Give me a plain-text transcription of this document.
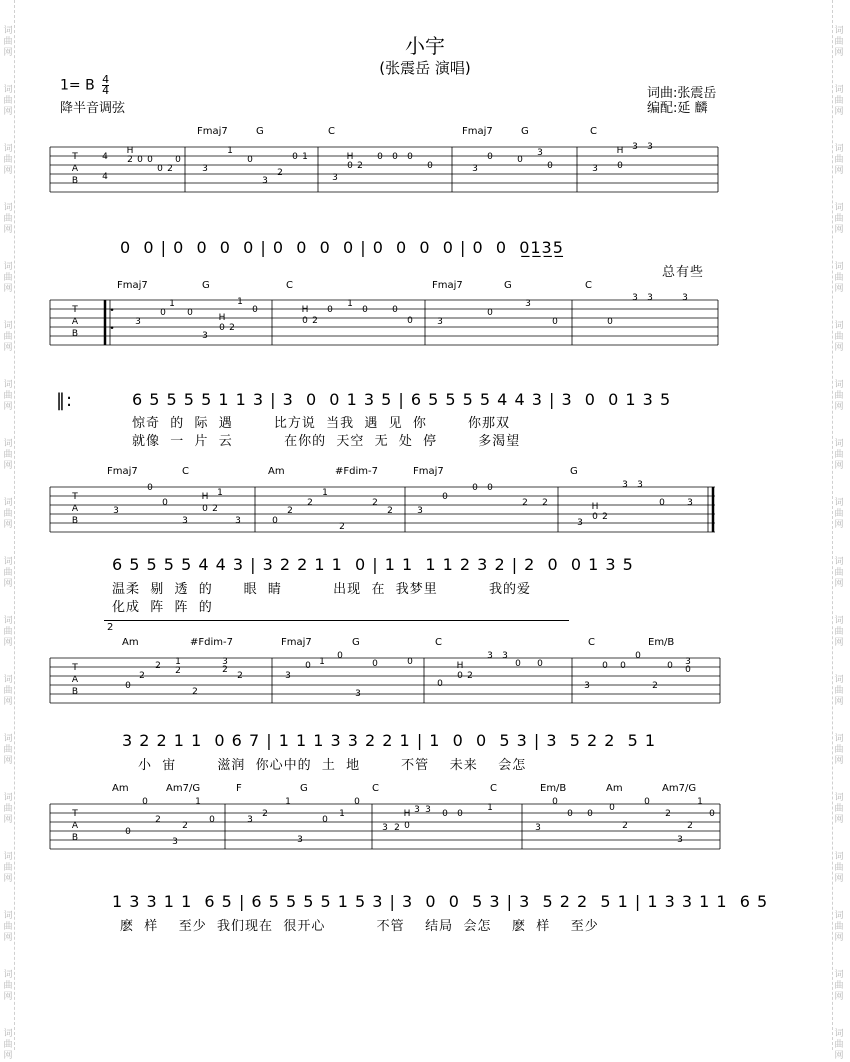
词
曲
网
词
曲
网
词
曲
网
词
曲
网
词
曲
网
词
曲
网
词
曲
网
词
曲
网
词
曲
网
词
曲
网
词
曲
网
词
曲
网
词
曲
网
词
曲
网
词
曲
网
词
曲
网
词
曲
网
词
曲
网
词
曲
网
词
曲
网
词
曲
网
词
曲
网
词
曲
网
词
曲
网
词
曲
网
词
曲
网
词
曲
网
词
曲
网
词
曲
网
词
曲
网
词
曲
网
词
曲
网
词
曲
网
词
曲
网
词
曲
网
词
曲
网
小宇
(张震岳 演唱)
1= B $\frac{4}{4}$
降半音调弦
词曲:张震岳
编配:延 麟
Fmaj7	G	C	Fmaj7	G	C
T
A
B
4
4
H
2 0 0
0 2
0
3
1
0
3
2
0 1
3
H
0 2
0 0 0
0	3
0	0
3
0	3
H
0
3 3
0  0 | 0  0  0  0 | 0  0  0  0 | 0  0  0  0 | 0  0  0̲1̲3̲5̲
总有些
Fmaj7	G	C	Fmaj7	G	C
T
A
B
•
•
3
0
1
0
3
H
0 2
1
0	H
0 2
0
1
0	0
0	3
0
3
0	0
3 3	3
‖:	6 5 5 5 5 1 1 3 | 3  0  0 1 3 5 | 6 5 5 5 5 4 4 3 | 3  0  0 1 3 5
惊奇  的  际  遇        比方说  当我  遇  见  你        你那双
就像  一  片  云          在你的  天空  无  处  停        多渴望
Fmaj7	C	Am	#Fdim-7	Fmaj7	G
T
A
B
3
0
0
3
H
0 2
1
3	0
2
2
1
2
2
2	3
0
0 0
2 2
3
H
0 2
3 3
0 3
6 5 5 5 5 4 4 3 | 3 2 2 1 1  0 | 1 1  1 1 2 3 2 | 2  0  0 1 3 5
温柔  剔  透  的      眼  睛          出现  在  我梦里          我的爱
化成  阵  阵  的
2
Am	#Fdim-7	Fmaj7	G	C	C	Em/B
T
A
B
0
2
2 1
2
2
3
2
2	3
0 1
0
3
0	0
0
H
0 2
3 3
0 0
3
0 0
0
2
0 3
0
3 2 2 1 1  0 6 7 | 1 1 1 3 3 2 2 1 | 1  0  0  5 3 | 3  5 2 2  5 1
小  宙        滋润  你心中的  土  地        不管    未来    会怎
Am	Am7/G	F	G	C	C	Em/B	Am	Am7/G
T
A
B
0
0
2
3
2
1
0	3
2
1
3
0
1
0
3 2
H
0
3 3 0 0
1
3
0
0 0
0
2
0
2
3
2
1
0
1 3 3 1 1  6 5 | 6 5 5 5 5 1 5 3 | 3  0  0  5 3 | 3  5 2 2  5 1 | 1 3 3 1 1  6 5
麽  样    至少  我们现在  很开心          不管    结局  会怎    麽  样    至少
